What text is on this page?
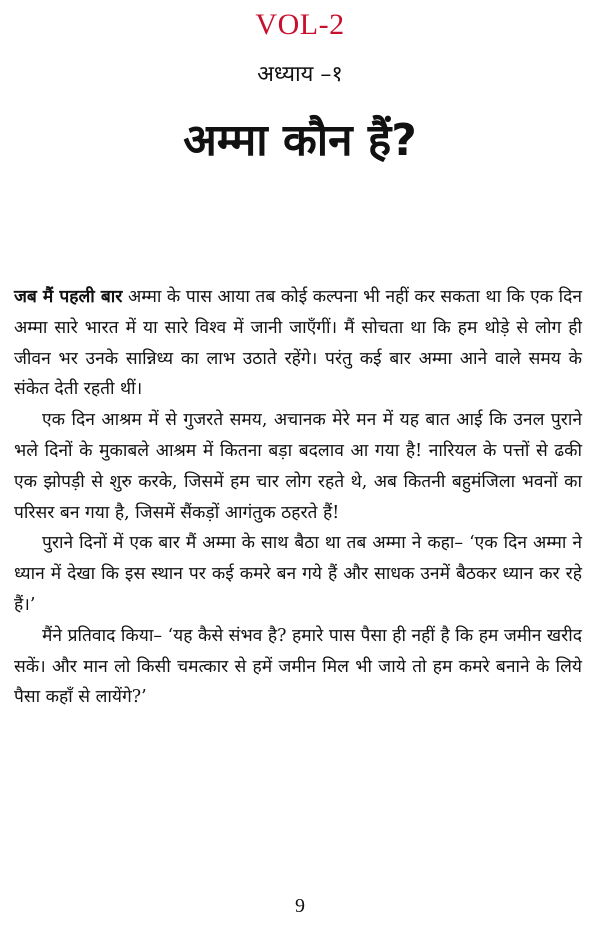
VOL-2
अध्याय –१
अम्मा कौन हैं?

जब मैं पहली बार अम्मा के पास आया तब कोई कल्पना भी नहीं कर सकता था कि एक दिन अम्मा सारे भारत में या सारे विश्व में जानी जाएँगीं। मैं सोचता था कि हम थोड़े से लोग ही जीवन भर उनके सान्निध्य का लाभ उठाते रहेंगे। परंतु कई बार अम्मा आने वाले समय के संकेत देती रहती थीं।

एक दिन आश्रम में से गुजरते समय, अचानक मेरे मन में यह बात आई कि उनल पुराने भले दिनों के मुकाबले आश्रम में कितना बड़ा बदलाव आ गया है! नारियल के पत्तों से ढकी एक झोपड़ी से शुरु करके, जिसमें हम चार लोग रहते थे, अब कितनी बहुमंजिला भवनों का परिसर बन गया है, जिसमें सैंकड़ों आगंतुक ठहरते हैं!

पुराने दिनों में एक बार मैं अम्मा के साथ बैठा था तब अम्मा ने कहा– ‘एक दिन अम्मा ने ध्यान में देखा कि इस स्थान पर कई कमरे बन गये हैं और साधक उनमें बैठकर ध्यान कर रहे हैं।’

मैंने प्रतिवाद किया– ‘यह कैसे संभव है? हमारे पास पैसा ही नहीं है कि हम जमीन खरीद सकें। और मान लो किसी चमत्कार से हमें जमीन मिल भी जाये तो हम कमरे बनाने के लिये पैसा कहाँ से लायेंगे?’

9
